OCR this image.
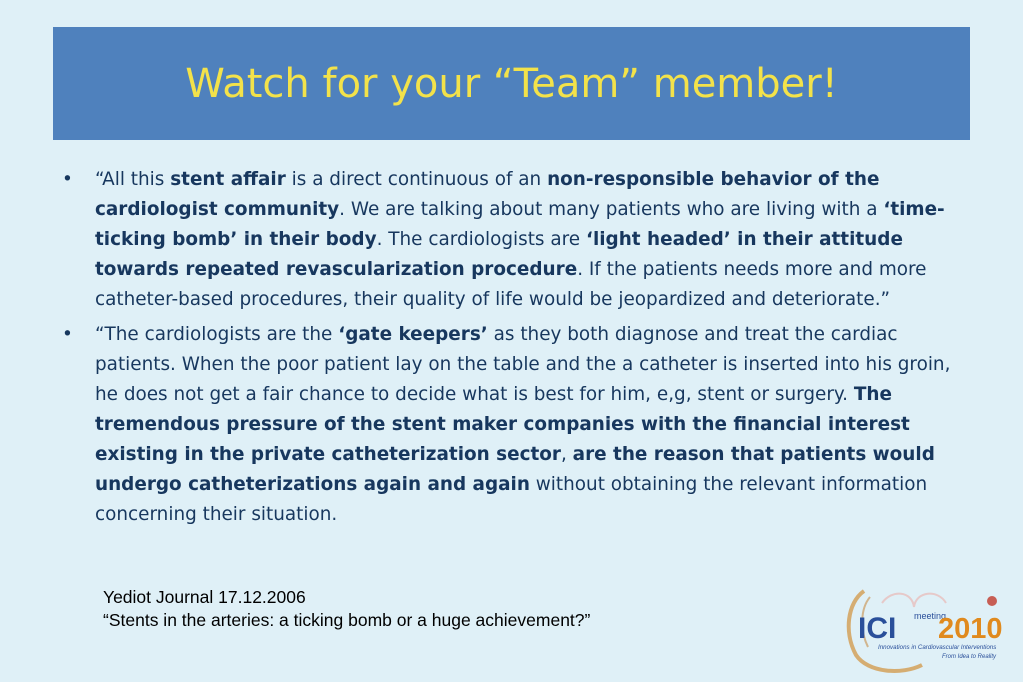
Watch for your “Team” member!
• “All this stent affair is a direct continuous of an non-responsible behavior of the cardiologist community. We are talking about many patients who are living with a ‘time-ticking bomb’ in their body. The cardiologists are ‘light headed’ in their attitude towards repeated revascularization procedure. If the patients needs more and more catheter-based procedures, their quality of life would be jeopardized and deteriorate.”
• “The cardiologists are the ‘gate keepers’ as they both diagnose and treat the cardiac patients. When the poor patient lay on the table and the a catheter is inserted into his groin, he does not get a fair chance to decide what is best for him, e,g, stent or surgery. The tremendous pressure of the stent maker companies with the financial interest existing in the private catheterization sector, are the reason that patients would undergo catheterizations again and again without obtaining the relevant information concerning their situation.
Yediot Journal 17.12.2006
“Stents in the arteries: a ticking bomb or a huge achievement?”	ICI meeting
2010
Innovations in Cardiovascular Interventions
From Idea to Reality
